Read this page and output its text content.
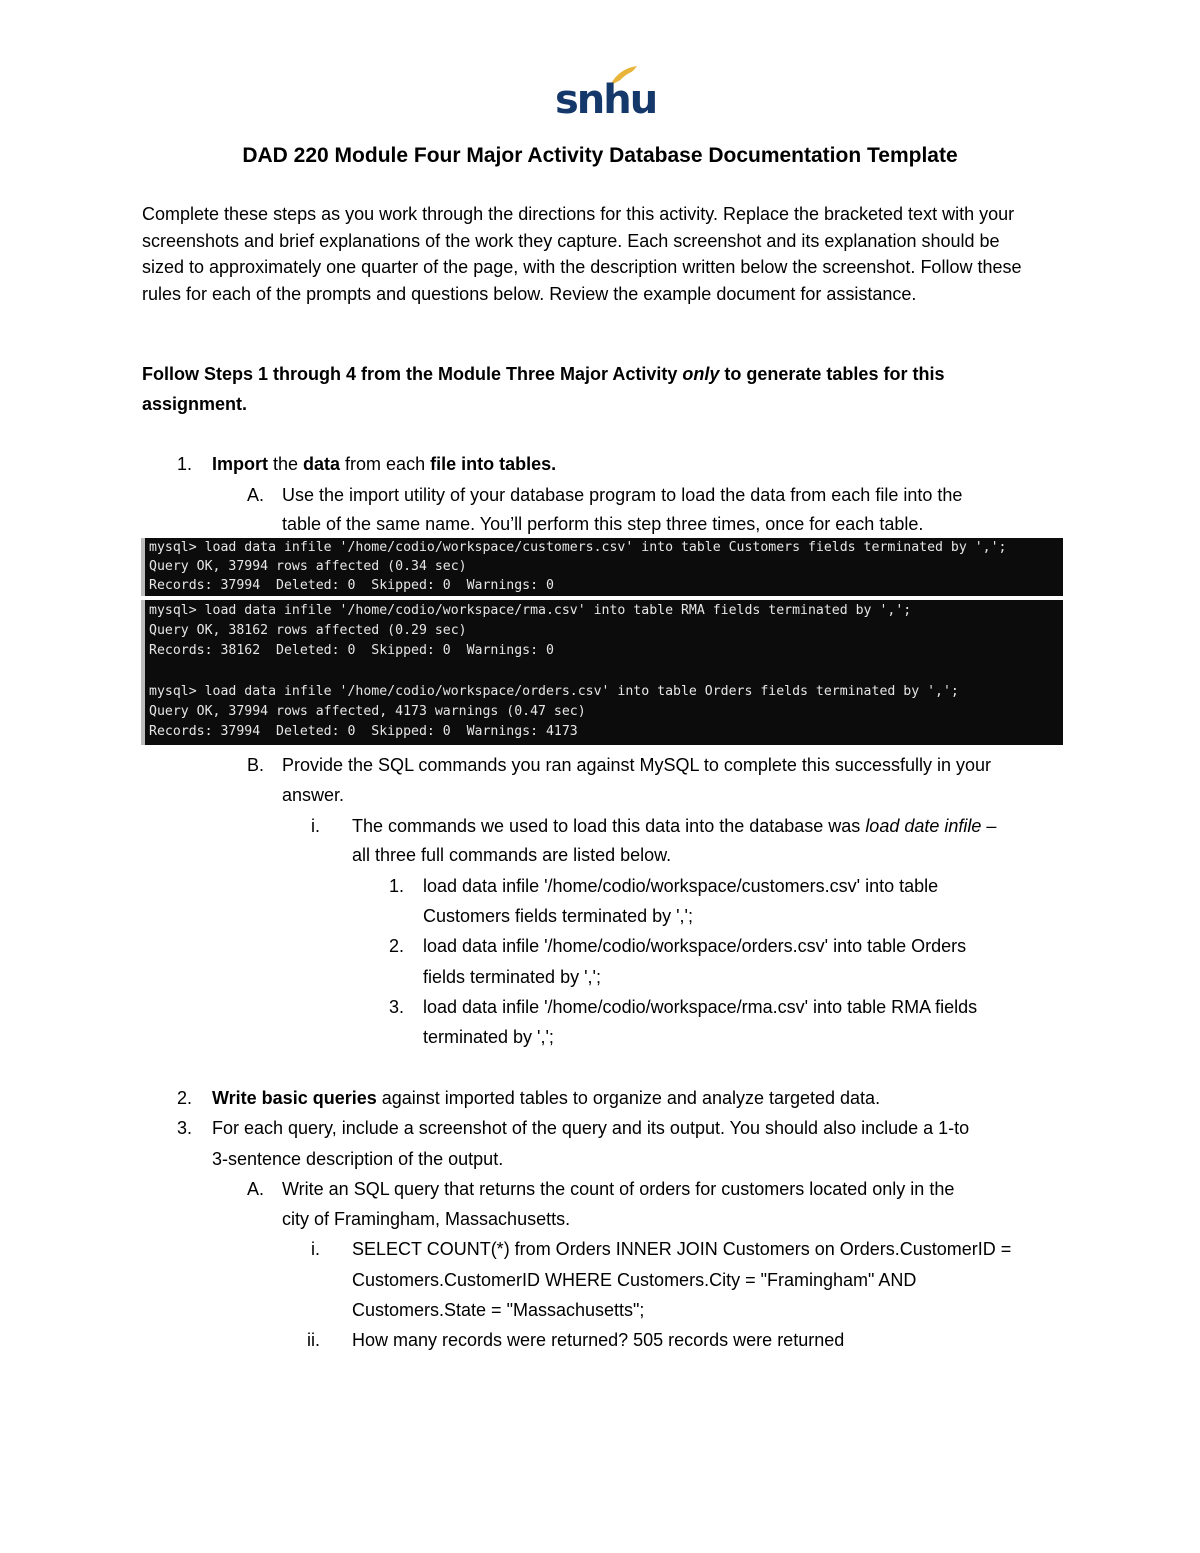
snhu
DAD 220 Module Four Major Activity Database Documentation Template
Complete these steps as you work through the directions for this activity. Replace the bracketed text with your screenshots and brief explanations of the work they capture. Each screenshot and its explanation should be sized to approximately one quarter of the page, with the description written below the screenshot. Follow these rules for each of the prompts and questions below. Review the example document for assistance.
Follow Steps 1 through 4 from the Module Three Major Activity only to generate tables for this assignment.
1. Import the data from each file into tables.
A. Use the import utility of your database program to load the data from each file into the
table of the same name. You’ll perform this step three times, once for each table.

mysql> load data infile '/home/codio/workspace/customers.csv' into table Customers fields terminated by ',';

Query OK, 37994 rows affected (0.34 sec)

Records: 37994  Deleted: 0  Skipped: 0  Warnings: 0

mysql> load data infile '/home/codio/workspace/rma.csv' into table RMA fields terminated by ',';

Query OK, 38162 rows affected (0.29 sec)

Records: 38162  Deleted: 0  Skipped: 0  Warnings: 0

mysql> load data infile '/home/codio/workspace/orders.csv' into table Orders fields terminated by ',';

Query OK, 37994 rows affected, 4173 warnings (0.47 sec)

Records: 37994  Deleted: 0  Skipped: 0  Warnings: 4173

B. Provide the SQL commands you ran against MySQL to complete this successfully in your
answer.
i. The commands we used to load this data into the database was load date infile –
all three full commands are listed below.
1. load data infile '/home/codio/workspace/customers.csv' into table
Customers fields terminated by ',';
2. load data infile '/home/codio/workspace/orders.csv' into table Orders
fields terminated by ',';
3. load data infile '/home/codio/workspace/rma.csv' into table RMA fields
terminated by ',';
2. Write basic queries against imported tables to organize and analyze targeted data.
3. For each query, include a screenshot of the query and its output. You should also include a 1-to
3-sentence description of the output.
A. Write an SQL query that returns the count of orders for customers located only in the
city of Framingham, Massachusetts.
i. SELECT COUNT(*) from Orders INNER JOIN Customers on Orders.CustomerID =
Customers.CustomerID WHERE Customers.City = "Framingham" AND
Customers.State = "Massachusetts";
ii. How many records were returned? 505 records were returned
